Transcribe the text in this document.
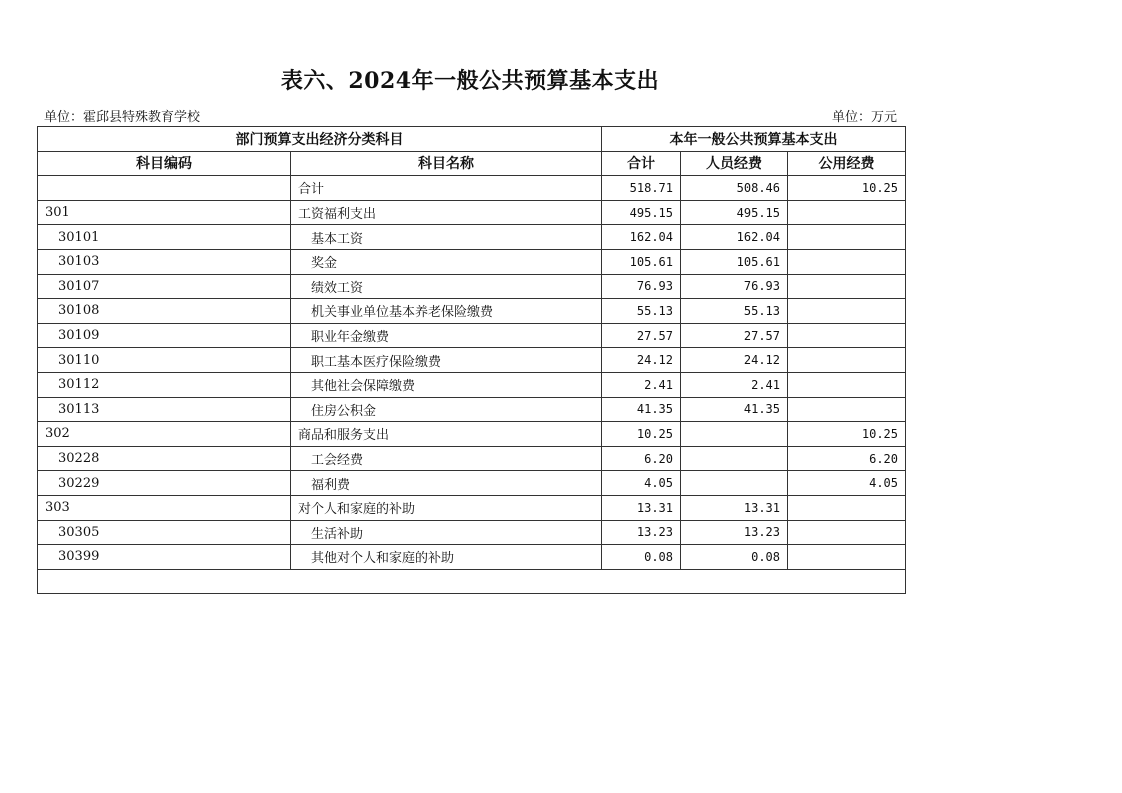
表六、2024年一般公共预算基本支出
单位：霍邱县特殊教育学校	单位：万元
部门预算支出经济分类科目		本年一般公共预算基本支出		
科目编码	科目名称	合计	人员经费	公用经费
	合计	518.71	508.46	10.25
301	工资福利支出	495.15	495.15	
30101	基本工资	162.04	162.04	
30103	奖金	105.61	105.61	
30107	绩效工资	76.93	76.93	
30108	机关事业单位基本养老保险缴费	55.13	55.13	
30109	职业年金缴费	27.57	27.57	
30110	职工基本医疗保险缴费	24.12	24.12	
30112	其他社会保障缴费	2.41	2.41	
30113	住房公积金	41.35	41.35	
302	商品和服务支出	10.25		10.25
30228	工会经费	6.20		6.20
30229	福利费	4.05		4.05
303	对个人和家庭的补助	13.31	13.31	
30305	生活补助	13.23	13.23	
30399	其他对个人和家庭的补助	0.08	0.08	
